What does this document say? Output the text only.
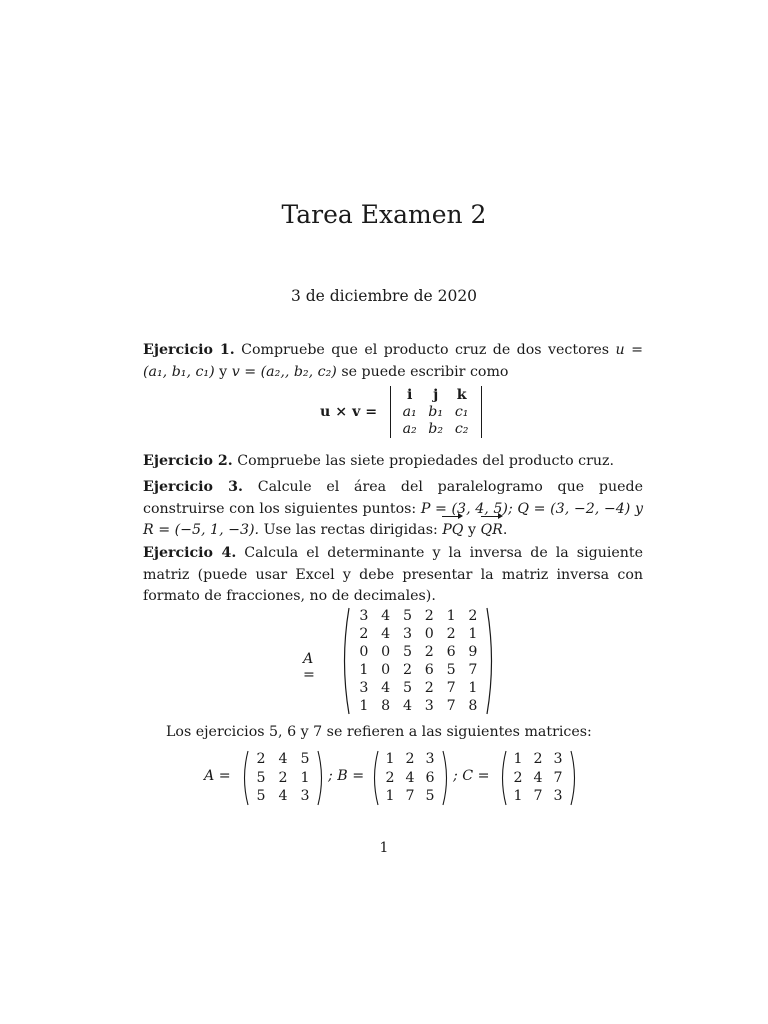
Tarea Examen 2
3 de diciembre de 2020
Ejercicio 1. Compruebe que el producto cruz de dos vectores u = (a₁, b₁, c₁) y v = (a₂,, b₂, c₂) se puede escribir como
u × v =
i	j	k
a₁ b₁ c₁
a₂ b₂ c₂
Ejercicio 2. Compruebe las siete propiedades del producto cruz.
Ejercicio 3. Calcule el área del paralelogramo que puede construirse con los siguientes puntos: P = (3, 4, 5); Q = (3, −2, −4) y R = (−5, 1, −3). Use las rectas dirigidas:
PQ y
QR.
Ejercicio 4. Calcula el determinante y la inversa de la siguiente matriz (puede usar Excel y debe presentar la matriz inversa con formato de fracciones, no de decimales).
A =
3 4 5 2 1 2
2 4 3 0 2 1
0 0 5 2 6 9
1 0 2 6 5 7
3 4 5 2 7 1
1 8 4 3 7 8
Los ejercicios 5, 6 y 7 se refieren a las siguientes matrices:
A =
2 4 5
5 2 1
5 4 3
; B =
1 2 3
2 4 6
1 7 5
; C =
1 2 3
2 4 7
1 7 3
1
